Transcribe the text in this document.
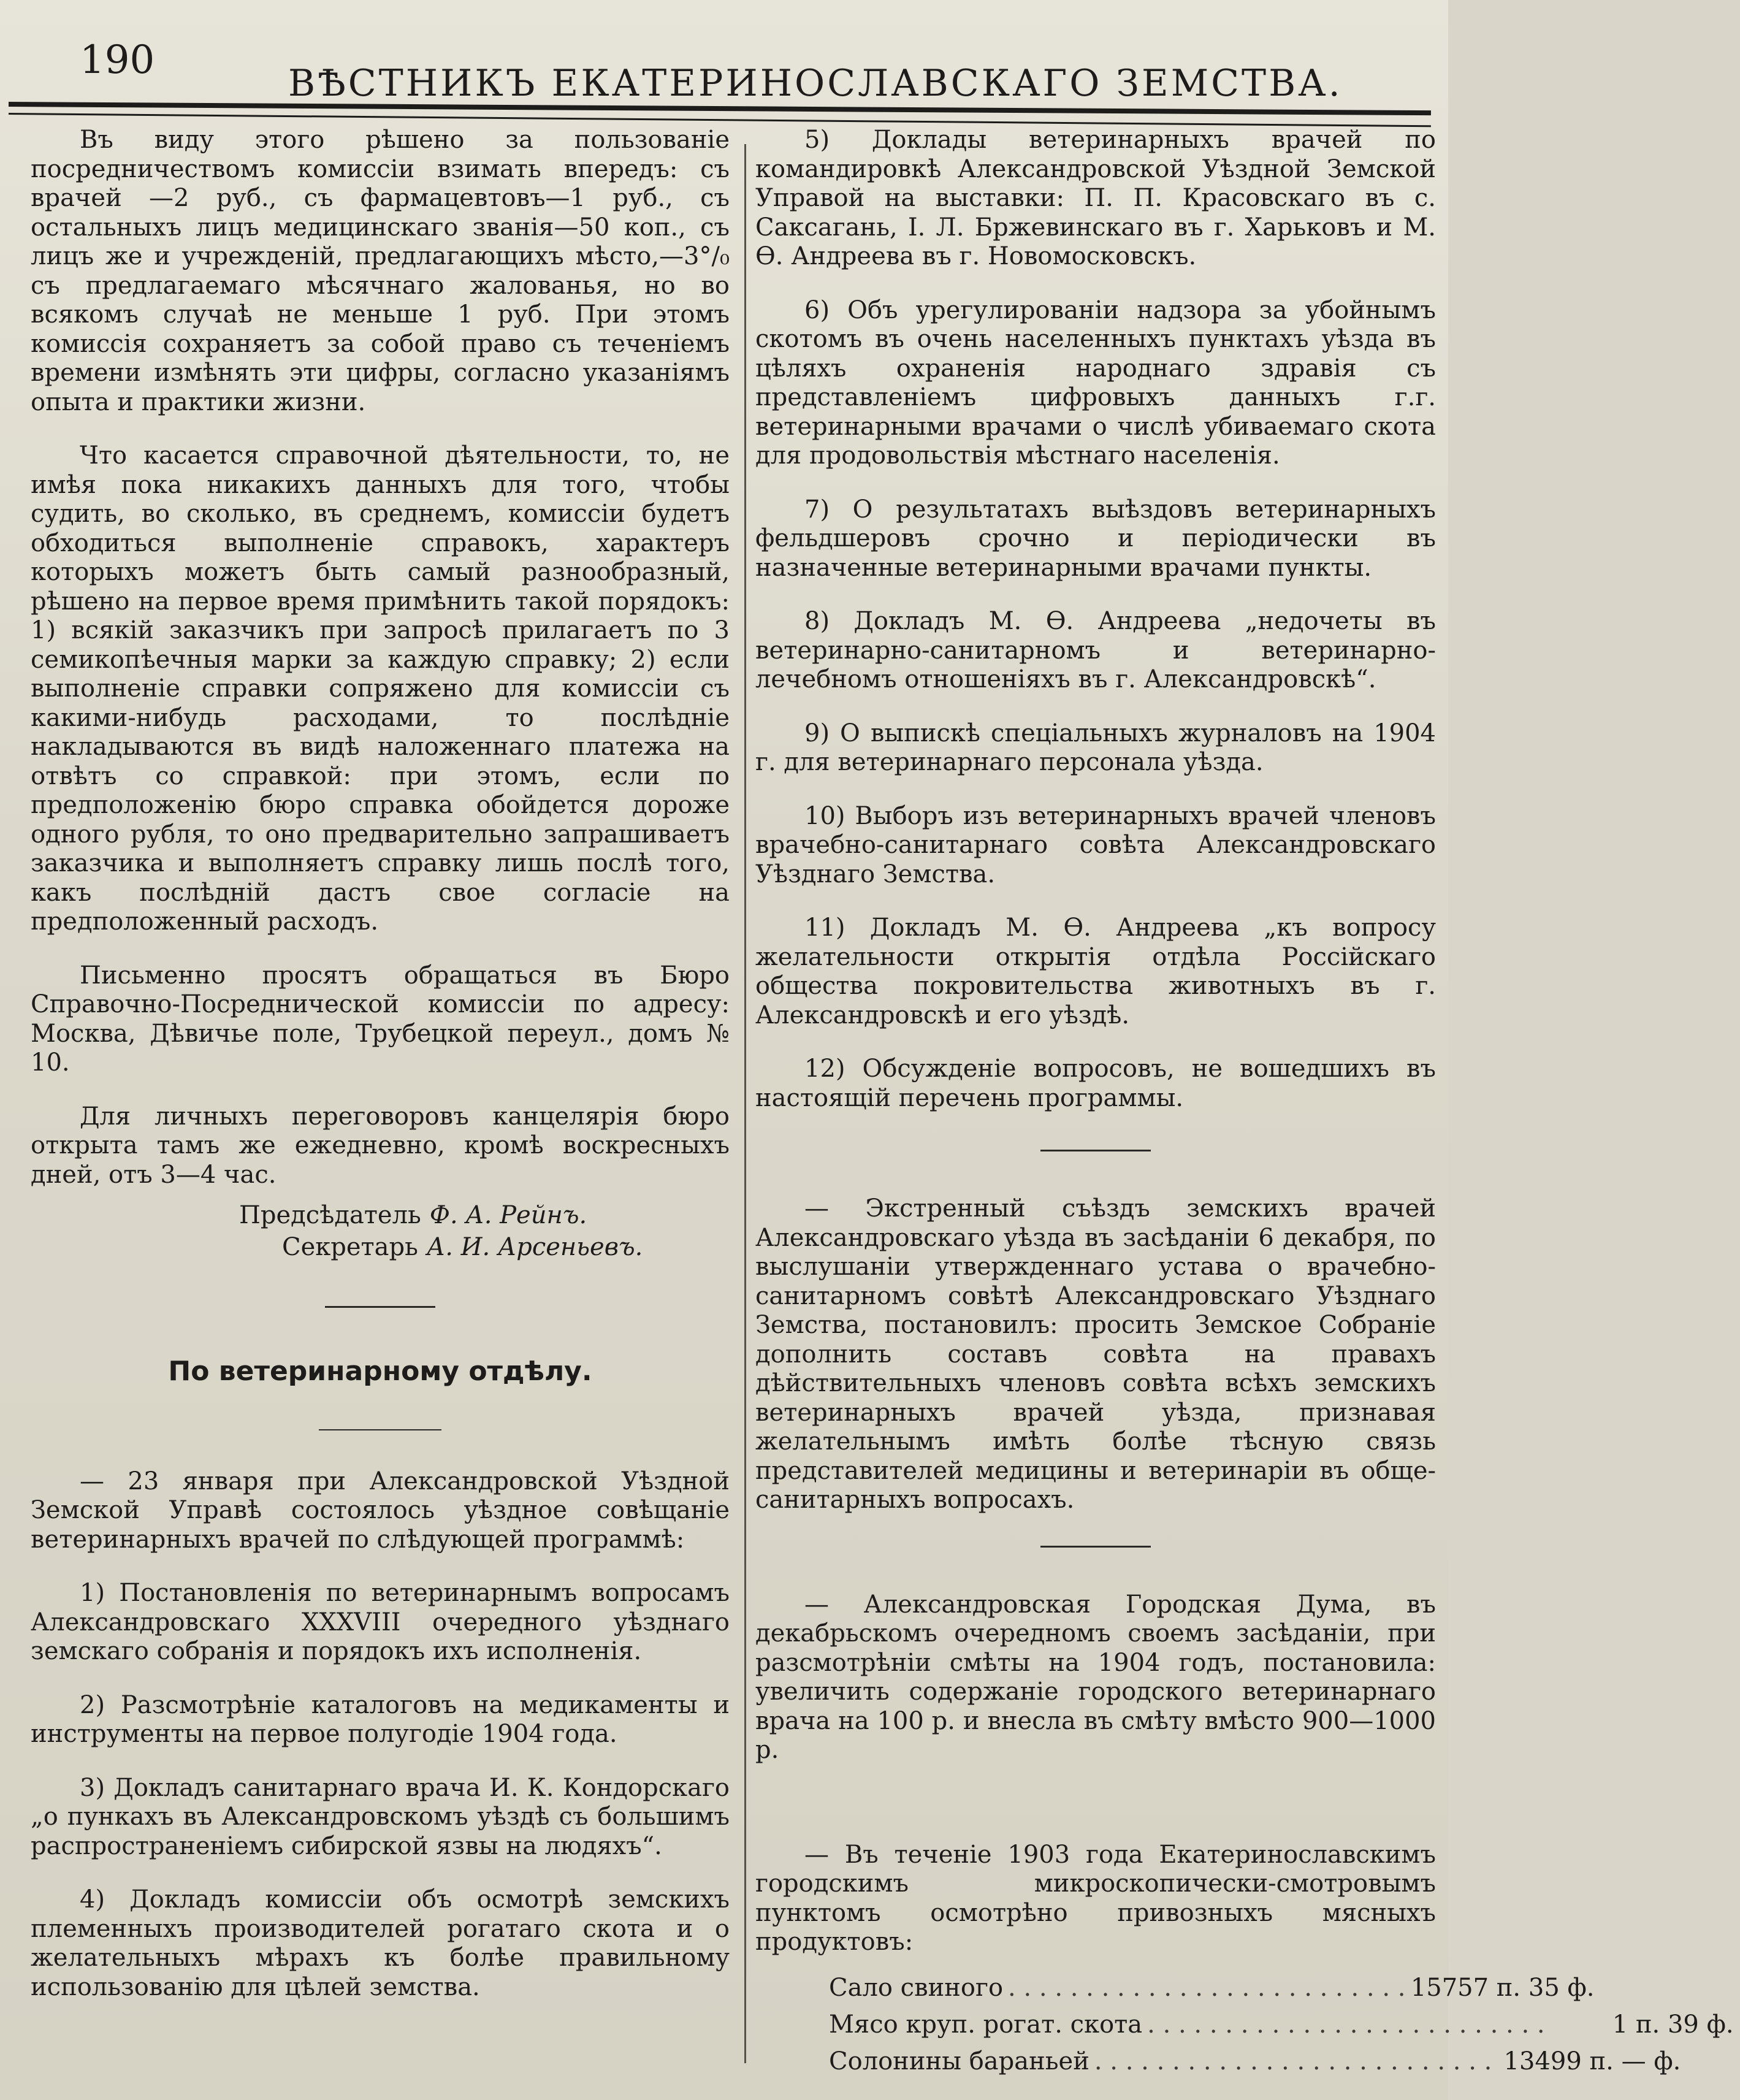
190
ВѢСТНИКЪ ЕКАТЕРИНОСЛАВСКАГО ЗЕМСТВА.

Въ виду этого рѣшено за пользованіе посредничествомъ комиссіи взимать впередъ: съ врачей —2 руб., съ фармацевтовъ—1 руб., съ остальныхъ лицъ медицинскаго званія—50 коп., съ лицъ же и учрежденій, предлагающихъ мѣсто,—3°/₀ съ предлагаемаго мѣсячнаго жалованья, но во всякомъ случаѣ не меньше 1 руб. При этомъ комиссія сохраняетъ за собой право съ теченіемъ времени измѣнять эти цифры, согласно указаніямъ опыта и практики жизни.

Что касается справочной дѣятельности, то, не имѣя пока никакихъ данныхъ для того, чтобы судить, во сколько, въ среднемъ, комиссіи будетъ обходиться выполненіе справокъ, характеръ которыхъ можетъ быть самый разнообразный, рѣшено на первое время примѣнить такой порядокъ: 1) всякій заказчикъ при запросѣ прилагаетъ по 3 семикопѣечныя марки за каждую справку; 2) если выполненіе справки сопряжено для комиссіи съ какими-нибудь расходами, то послѣдніе накладываются въ видѣ наложеннаго платежа на отвѣтъ со справкой: при этомъ, если по предположенію бюро справка обойдется дороже одного рубля, то оно предварительно запрашиваетъ заказчика и выполняетъ справку лишь послѣ того, какъ послѣдній дастъ свое согласіе на предположенный расходъ.

Письменно просятъ обращаться въ Бюро Справочно-Посреднической комиссіи по адресу: Москва, Дѣвичье поле, Трубецкой переул., домъ № 10.

Для личныхъ переговоровъ канцелярія бюро открыта тамъ же ежедневно, кромѣ воскресныхъ дней, отъ 3—4 час.

Предсѣдатель Ф. А. Рейнъ.
Секретарь А. И. Арсеньевъ.
По ветеринарному отдѣлу.

— 23 января при Александровской Уѣздной Земской Управѣ состоялось уѣздное совѣщаніе ветеринарныхъ врачей по слѣдующей программѣ:

1) Постановленія по ветеринарнымъ вопросамъ Александровскаго XXXVIII очередного уѣзднаго земскаго собранія и порядокъ ихъ исполненія.

2) Разсмотрѣніе каталоговъ на медикаменты и инструменты на первое полугодіе 1904 года.

3) Докладъ санитарнаго врача И. К. Кондорскаго „о пункахъ въ Александровскомъ уѣздѣ съ большимъ распространеніемъ сибирской язвы на людяхъ“.

4) Докладъ комиссіи объ осмотрѣ земскихъ племенныхъ производителей рогатаго скота и о желательныхъ мѣрахъ къ болѣе правильному использованію для цѣлей земства.

5) Доклады ветеринарныхъ врачей по командировкѣ Александровской Уѣздной Земской Управой на выставки: П. П. Красовскаго въ с. Саксагань, І. Л. Бржевинскаго въ г. Харьковъ и М. Ѳ. Андреева въ г. Новомосковскъ.

6) Объ урегулированіи надзора за убойнымъ скотомъ въ очень населенныхъ пунктахъ уѣзда въ цѣляхъ охраненія народнаго здравія съ представленіемъ цифровыхъ данныхъ г.г. ветеринарными врачами о числѣ убиваемаго скота для продовольствія мѣстнаго населенія.

7) О результатахъ выѣздовъ ветеринарныхъ фельдшеровъ срочно и періодически въ назначенные ветеринарными врачами пункты.

8) Докладъ М. Ѳ. Андреева „недочеты въ ветеринарно-санитарномъ и ветеринарно-лечебномъ отношеніяхъ въ г. Александровскѣ“.

9) О выпискѣ спеціальныхъ журналовъ на 1904 г. для ветеринарнаго персонала уѣзда.

10) Выборъ изъ ветеринарныхъ врачей членовъ врачебно-санитарнаго совѣта Александровскаго Уѣзднаго Земства.

11) Докладъ М. Ѳ. Андреева „къ вопросу желательности открытія отдѣла Россійскаго общества покровительства животныхъ въ г. Александровскѣ и его уѣздѣ.

12) Обсужденіе вопросовъ, не вошедшихъ въ настоящій перечень программы.

— Экстренный съѣздъ земскихъ врачей Александровскаго уѣзда въ засѣданіи 6 декабря, по выслушаніи утвержденнаго устава о врачебно-санитарномъ совѣтѣ Александровскаго Уѣзднаго Земства, постановилъ: просить Земское Собраніе дополнить составъ совѣта на правахъ дѣйствительныхъ членовъ совѣта всѣхъ земскихъ ветеринарныхъ врачей уѣзда, признавая желательнымъ имѣть болѣе тѣсную связь представителей медицины и ветеринаріи въ обще-санитарныхъ вопросахъ.

— Александровская Городская Дума, въ декабрьскомъ очередномъ своемъ засѣданіи, при разсмотрѣніи смѣты на 1904 годъ, постановила: увеличить содержаніе городского ветеринарнаго врача на 100 р. и внесла въ смѣту вмѣсто 900—1000 р.

— Въ теченіе 1903 года Екатеринославскимъ городскимъ микроскопически-смотровымъ пунктомъ осмотрѣно привозныхъ мясныхъ продуктовъ:

Сало свиного . . . . . . . . . . . . . . . . . . . . . . . . . . 15757 п. 35 ф.
Мясо круп. рогат. скота . . . . . . . . . . . . . . . . . . . . . . . . . .	1 п. 39 ф.
Солонины бараньей . . . . . . . . . . . . . . . . . . . . . . . . . . 13499 п. — ф.
